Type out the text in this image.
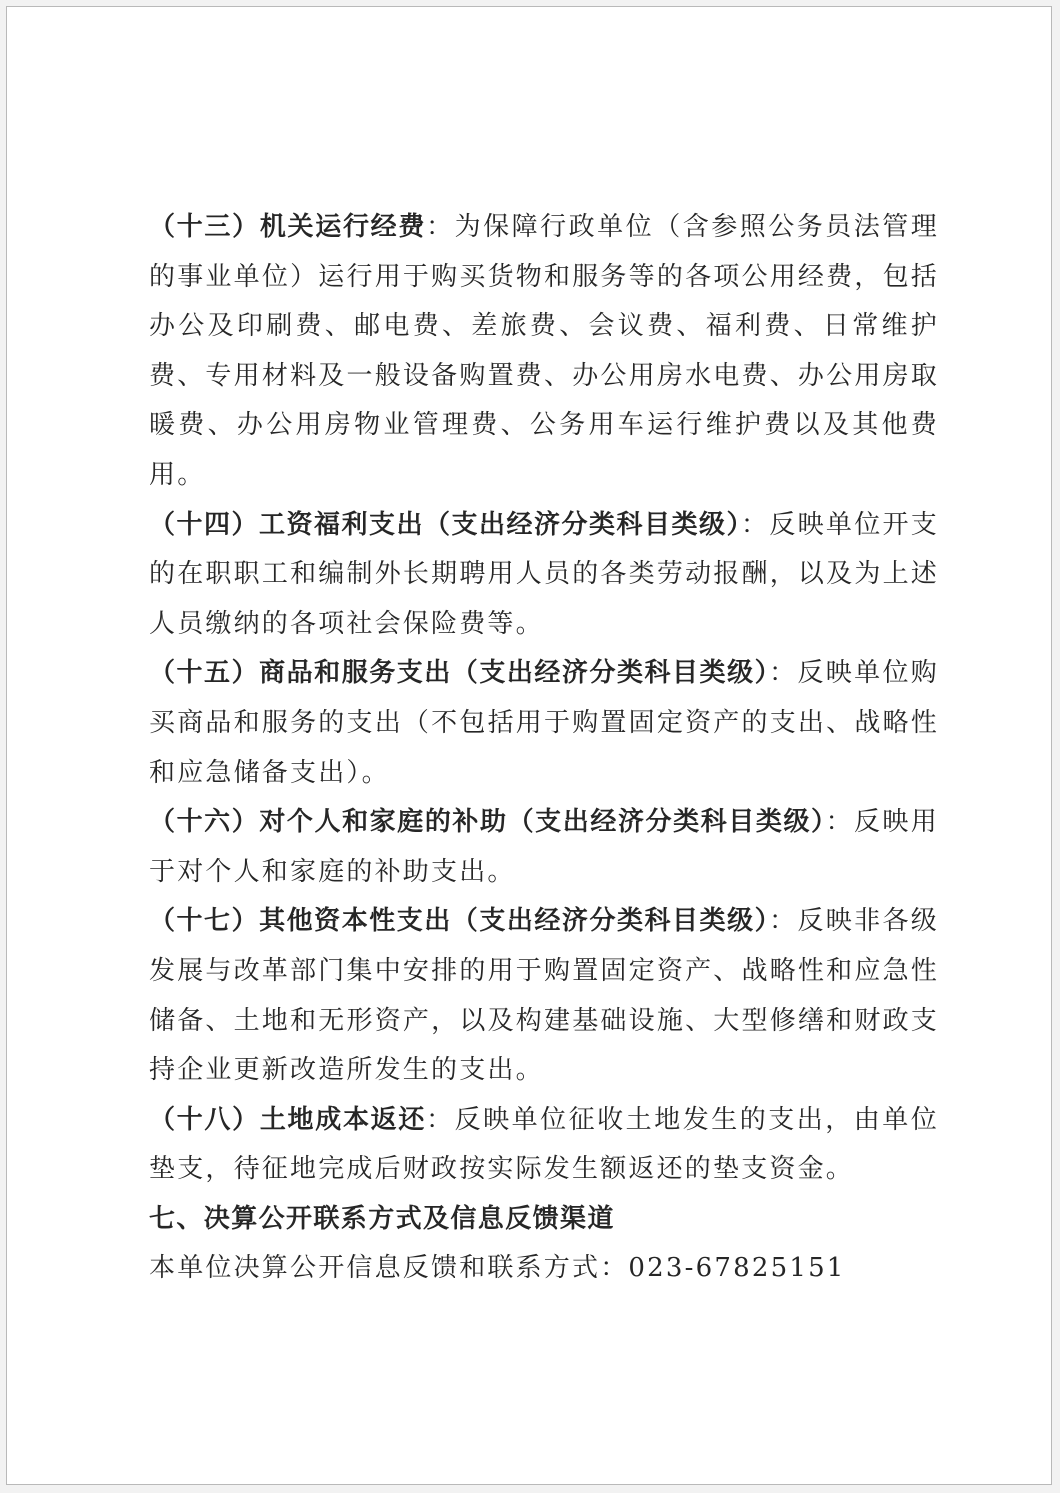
（十三）机关运行经费：为保障行政单位（含参照公务员法管理的事业单位）运行用于购买货物和服务等的各项公用经费，包括办公及印刷费、邮电费、差旅费、会议费、福利费、日常维护费、专用材料及一般设备购置费、办公用房水电费、办公用房取暖费、办公用房物业管理费、公务用车运行维护费以及其他费用。

（十四）工资福利支出（支出经济分类科目类级）：反映单位开支的在职职工和编制外长期聘用人员的各类劳动报酬，以及为上述人员缴纳的各项社会保险费等。

（十五）商品和服务支出（支出经济分类科目类级）：反映单位购买商品和服务的支出（不包括用于购置固定资产的支出、战略性和应急储备支出）。

（十六）对个人和家庭的补助（支出经济分类科目类级）：反映用于对个人和家庭的补助支出。

（十七）其他资本性支出（支出经济分类科目类级）：反映非各级发展与改革部门集中安排的用于购置固定资产、战略性和应急性储备、土地和无形资产，以及构建基础设施、大型修缮和财政支持企业更新改造所发生的支出。

（十八）土地成本返还：反映单位征收土地发生的支出，由单位垫支，待征地完成后财政按实际发生额返还的垫支资金。

七、决算公开联系方式及信息反馈渠道

本单位决算公开信息反馈和联系方式：023-67825151
